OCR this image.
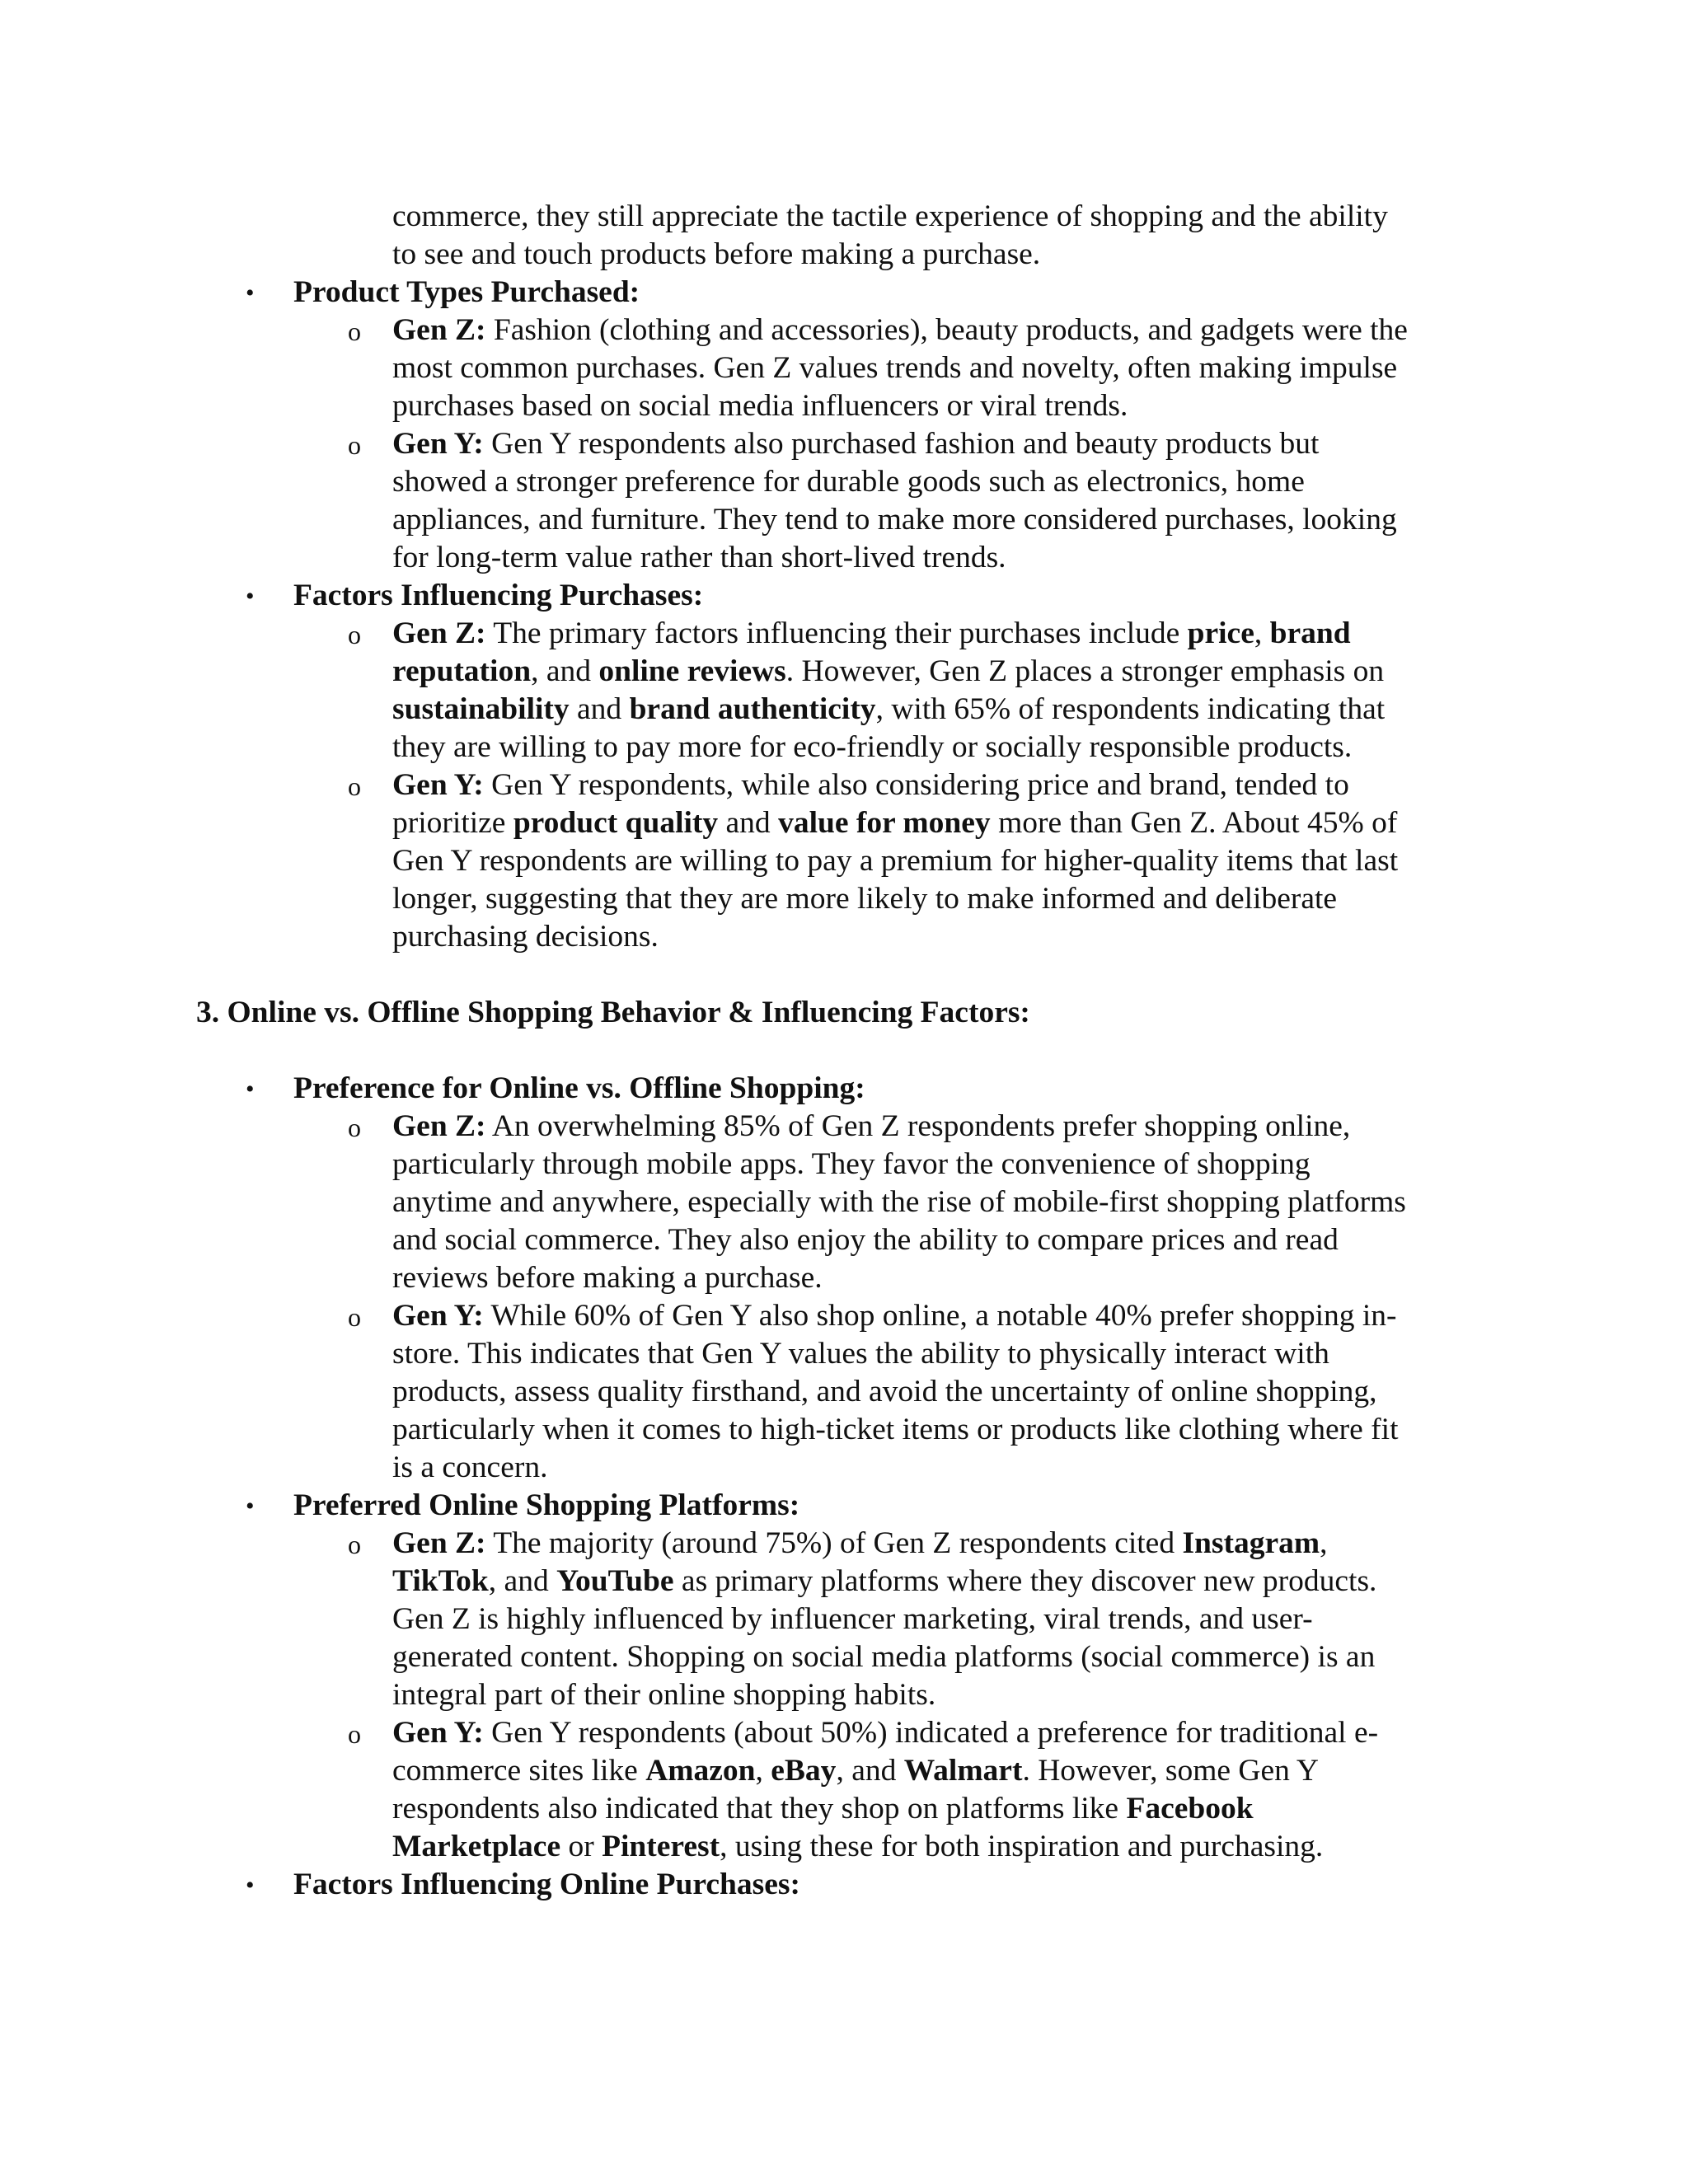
commerce, they still appreciate the tactile experience of shopping and the ability
to see and touch products before making a purchase.
• Product Types Purchased:
o Gen Z: Fashion (clothing and accessories), beauty products, and gadgets were the
most common purchases. Gen Z values trends and novelty, often making impulse
purchases based on social media influencers or viral trends.
o Gen Y: Gen Y respondents also purchased fashion and beauty products but
showed a stronger preference for durable goods such as electronics, home
appliances, and furniture. They tend to make more considered purchases, looking
for long-term value rather than short-lived trends.
• Factors Influencing Purchases:
o Gen Z: The primary factors influencing their purchases include price, brand
reputation, and online reviews. However, Gen Z places a stronger emphasis on
sustainability and brand authenticity, with 65% of respondents indicating that
they are willing to pay more for eco-friendly or socially responsible products.
o Gen Y: Gen Y respondents, while also considering price and brand, tended to
prioritize product quality and value for money more than Gen Z. About 45% of
Gen Y respondents are willing to pay a premium for higher-quality items that last
longer, suggesting that they are more likely to make informed and deliberate
purchasing decisions.
3. Online vs. Offline Shopping Behavior & Influencing Factors:
• Preference for Online vs. Offline Shopping:
o Gen Z: An overwhelming 85% of Gen Z respondents prefer shopping online,
particularly through mobile apps. They favor the convenience of shopping
anytime and anywhere, especially with the rise of mobile-first shopping platforms
and social commerce. They also enjoy the ability to compare prices and read
reviews before making a purchase.
o Gen Y: While 60% of Gen Y also shop online, a notable 40% prefer shopping in-
store. This indicates that Gen Y values the ability to physically interact with
products, assess quality firsthand, and avoid the uncertainty of online shopping,
particularly when it comes to high-ticket items or products like clothing where fit
is a concern.
• Preferred Online Shopping Platforms:
o Gen Z: The majority (around 75%) of Gen Z respondents cited Instagram,
TikTok, and YouTube as primary platforms where they discover new products.
Gen Z is highly influenced by influencer marketing, viral trends, and user-
generated content. Shopping on social media platforms (social commerce) is an
integral part of their online shopping habits.
o Gen Y: Gen Y respondents (about 50%) indicated a preference for traditional e-
commerce sites like Amazon, eBay, and Walmart. However, some Gen Y
respondents also indicated that they shop on platforms like Facebook
Marketplace or Pinterest, using these for both inspiration and purchasing.
• Factors Influencing Online Purchases:
